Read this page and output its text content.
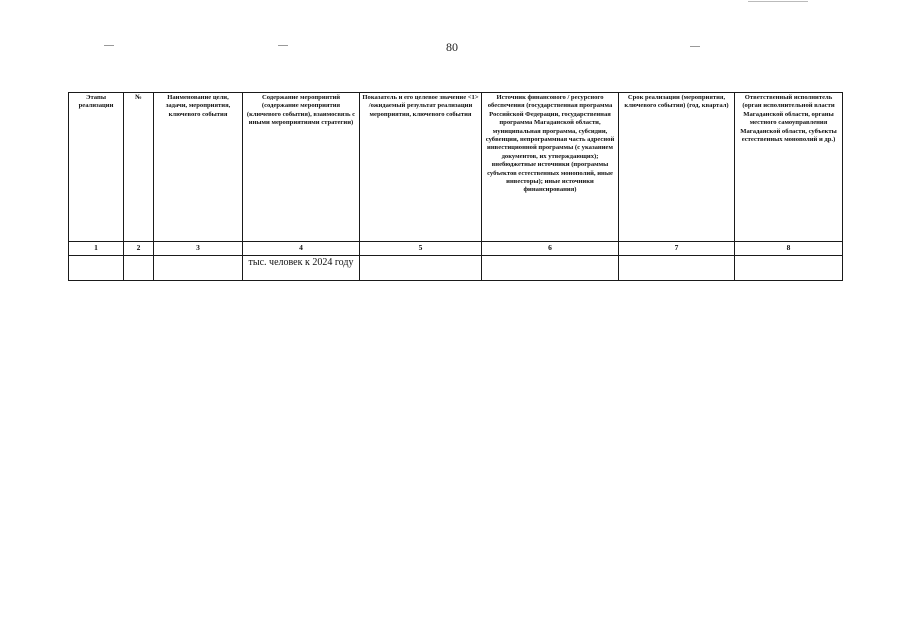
80
Этапы реализации	№	Наименование цели, задачи, мероприятия, ключевого события	Содержание мероприятий (содержание мероприятия (ключевого события), взаимосвязь с иными мероприятиями стратегии)	Показатель и его целевое значение <1> /ожидаемый результат реализации мероприятия, ключевого события	Источник финансового / ресурсного обеспечения (государственная программа Российской Федерации, государственная программа Магаданской области, муниципальная программа, субсидии, субвенции, непрограммная часть адресной инвестиционной программы (с указанием документов, их утверждающих); внебюджетные источники (программы субъектов естественных монополий, иные инвесторы); иные источники финансирования)	Срок реализации (мероприятия, ключевого события) (год, квартал)	Ответственный исполнитель (орган исполнительной власти Магаданской области, органы местного самоуправления Магаданской области, субъекты естественных монополий и др.)
1	2	3	4	5	6	7	8
			тыс. человек к 2024 году				
